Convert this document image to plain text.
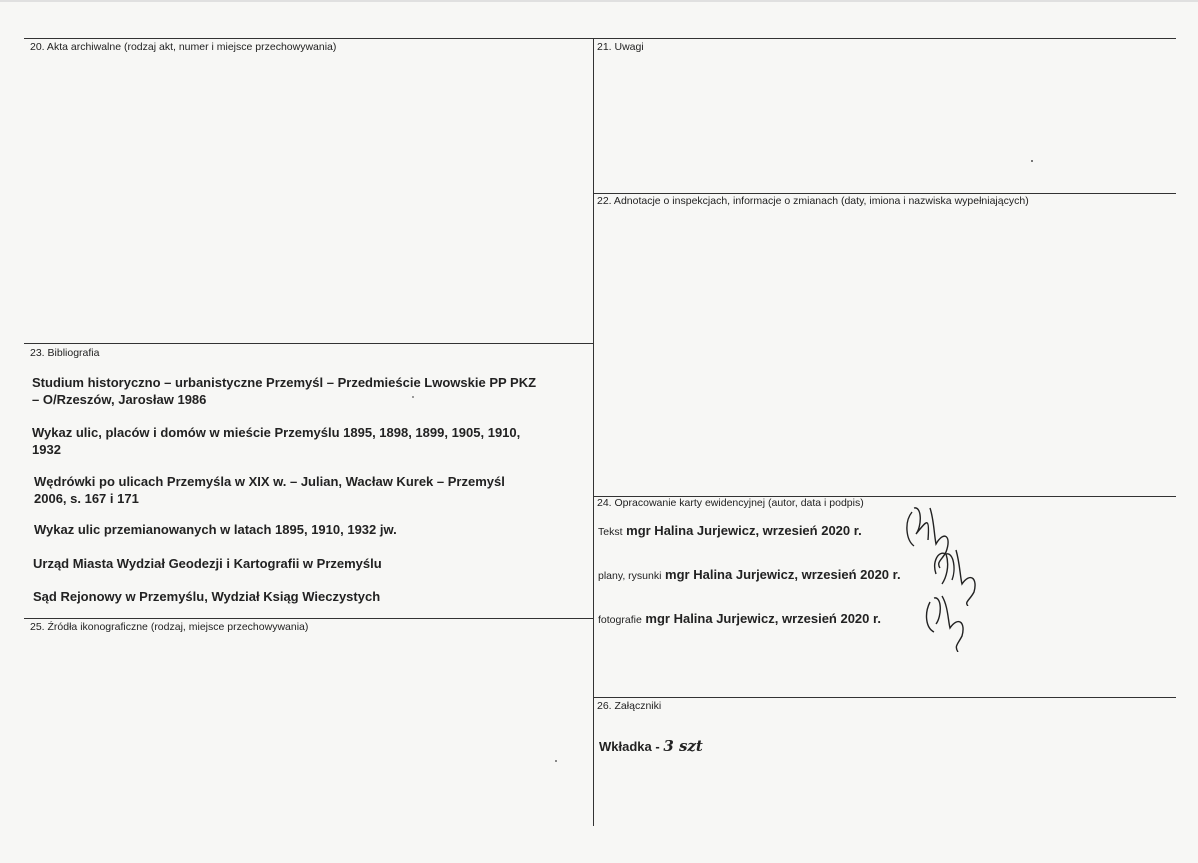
20. Akta archiwalne (rodzaj akt, numer i miejsce przechowywania)	21. Uwagi
22. Adnotacje o inspekcjach, informacje o zmianach (daty, imiona i nazwiska wypełniających)
23. Bibliografia
24. Opracowanie karty ewidencyjnej (autor, data i podpis)
25. Źródła ikonograficzne (rodzaj, miejsce przechowywania)
26. Załączniki
Studium historyczno – urbanistyczne Przemyśl – Przedmieście Lwowskie PP PKZ
– O/Rzeszów, Jarosław 1986
Wykaz ulic, placów i domów w mieście Przemyślu 1895, 1898, 1899, 1905, 1910,
1932
Wędrówki po ulicach Przemyśla w XIX w. – Julian, Wacław Kurek – Przemyśl
2006, s. 167 i 171
Wykaz ulic przemianowanych w latach 1895, 1910, 1932 jw.
Urząd Miasta Wydział Geodezji i Kartografii w Przemyślu
Sąd Rejonowy w Przemyślu, Wydział Ksiąg Wieczystych
Tekst mgr Halina Jurjewicz, wrzesień 2020 r.
plany, rysunki mgr Halina Jurjewicz, wrzesień 2020 r.
fotografie mgr Halina Jurjewicz, wrzesień 2020 r.
Wkładka - 3 szt
